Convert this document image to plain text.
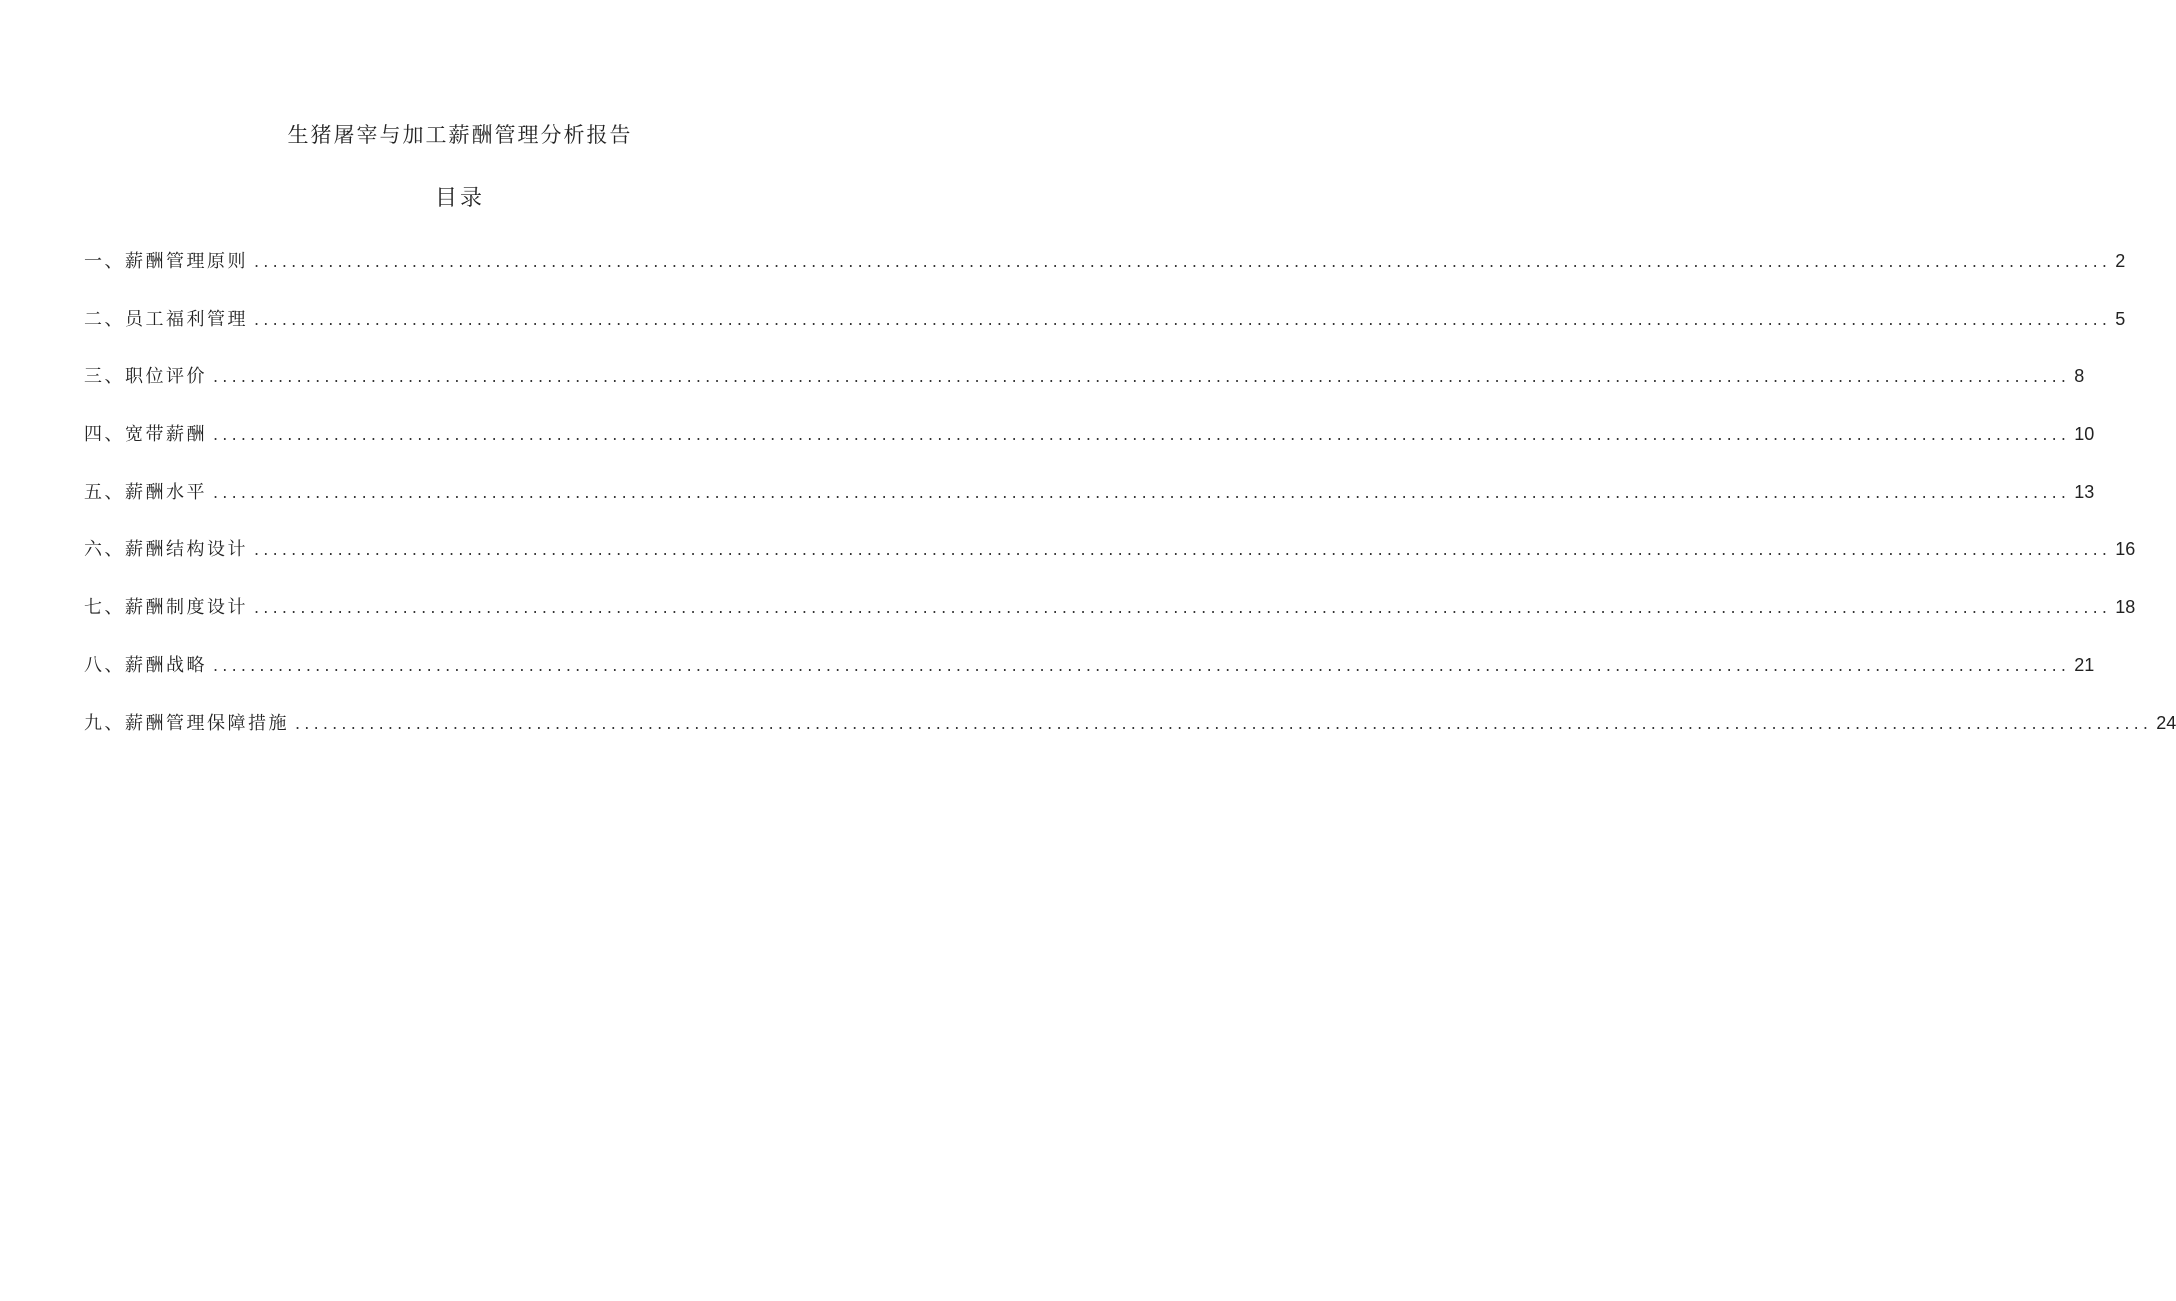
生猪屠宰与加工薪酬管理分析报告
目录
一、薪酬管理原则 ........................................................................................................................................................................................................ 2
二、员工福利管理 ........................................................................................................................................................................................................ 5
三、职位评价 ........................................................................................................................................................................................................ 8
四、宽带薪酬 ........................................................................................................................................................................................................ 10
五、薪酬水平 ........................................................................................................................................................................................................ 13
六、薪酬结构设计 ........................................................................................................................................................................................................ 16
七、薪酬制度设计 ........................................................................................................................................................................................................ 18
八、薪酬战略 ........................................................................................................................................................................................................ 21
九、薪酬管理保障措施 ........................................................................................................................................................................................................ 24
